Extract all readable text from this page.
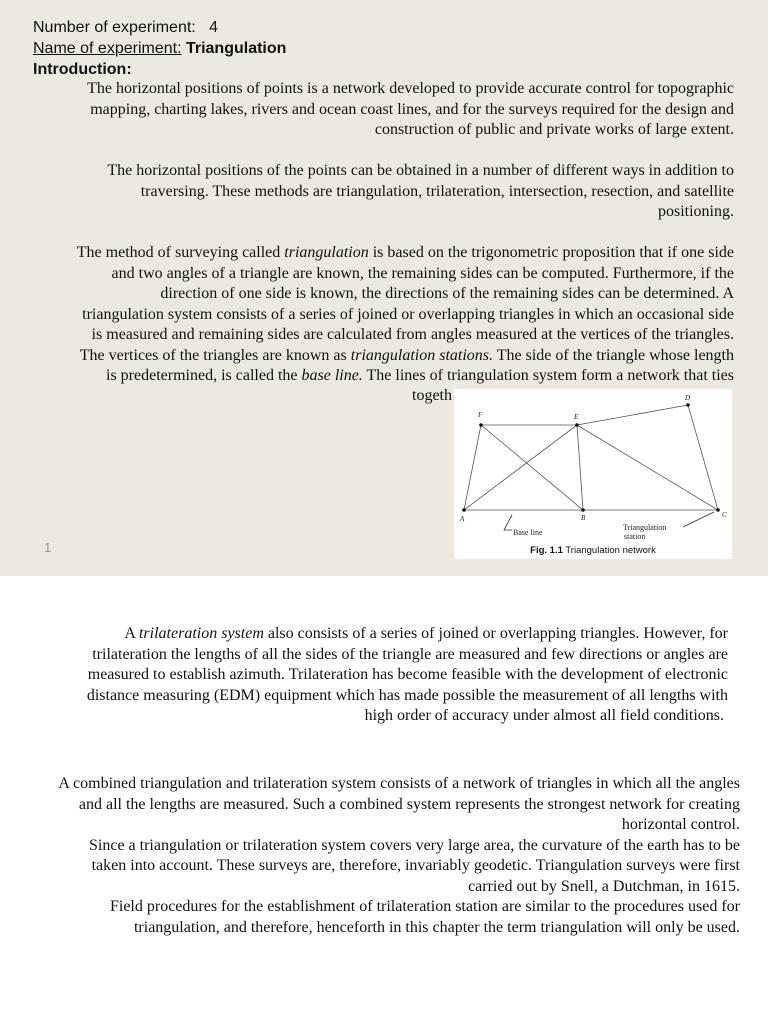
Number of experiment: 4
Name of experiment: Triangulation
Introduction:
The horizontal positions of points is a network developed to provide accurate control for topographic
mapping, charting lakes, rivers and ocean coast lines, and for the surveys required for the design and
construction of public and private works of large extent.
The horizontal positions of the points can be obtained in a number of different ways in addition to
traversing. These methods are triangulation, trilateration, intersection, resection, and satellite
positioning.
The method of surveying called triangulation is based on the trigonometric proposition that if one side
and two angles of a triangle are known, the remaining sides can be computed. Furthermore, if the
direction of one side is known, the directions of the remaining sides can be determined. A
triangulation system consists of a series of joined or overlapping triangles in which an occasional side
is measured and remaining sides are calculated from angles measured at the vertices of the triangles.
The vertices of the triangles are known as triangulation stations. The side of the triangle whose length
is predetermined, is called the base line. The lines of triangulation system form a network that ties
togeth
F	E
D
A	B	C
Base line
Triangulation
station
Fig. 1.1 Triangulation network
1
A trilateration system also consists of a series of joined or overlapping triangles. However, for
trilateration the lengths of all the sides of the triangle are measured and few directions or angles are
measured to establish azimuth. Trilateration has become feasible with the development of electronic
distance measuring (EDM) equipment which has made possible the measurement of all lengths with
high order of accuracy under almost all field conditions.
A combined triangulation and trilateration system consists of a network of triangles in which all the angles
and all the lengths are measured. Such a combined system represents the strongest network for creating
horizontal control.
Since a triangulation or trilateration system covers very large area, the curvature of the earth has to be
taken into account. These surveys are, therefore, invariably geodetic. Triangulation surveys were first
carried out by Snell, a Dutchman, in 1615.
Field procedures for the establishment of trilateration station are similar to the procedures used for
triangulation, and therefore, henceforth in this chapter the term triangulation will only be used.
